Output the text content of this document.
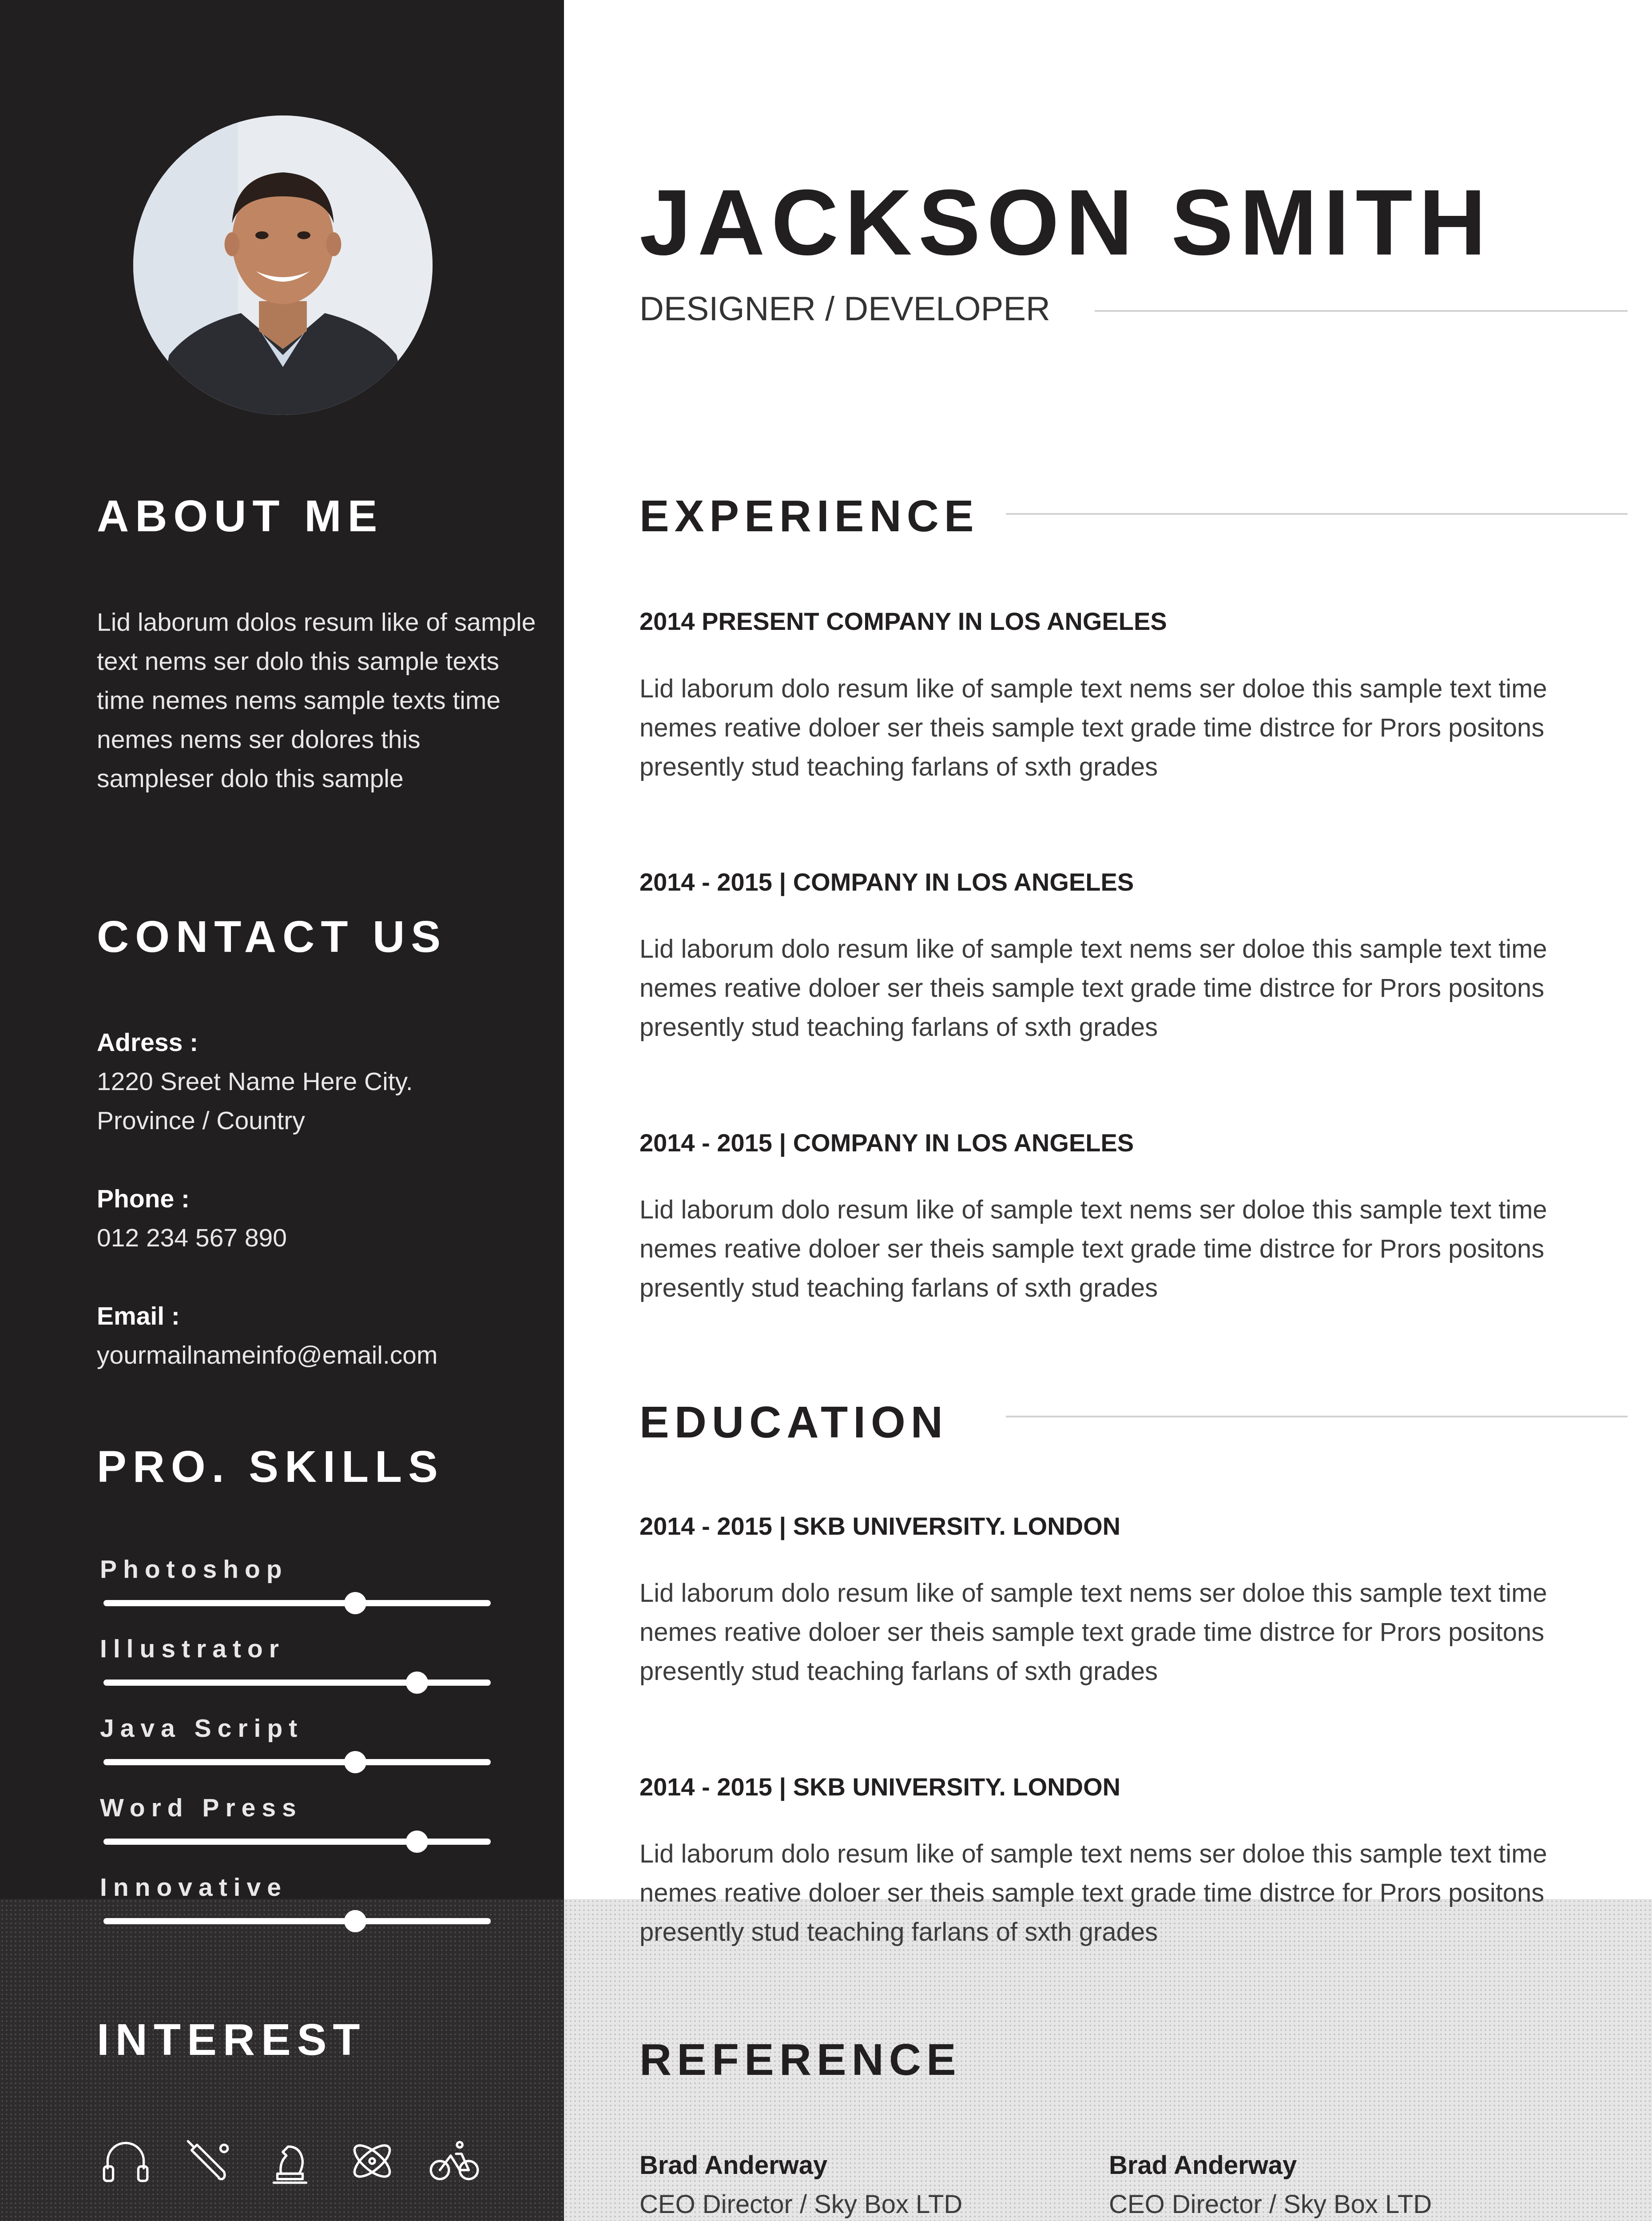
ABOUT ME
Lid laborum dolos resum like of sample text nems ser dolo this sample texts time nemes nems sample texts time nemes nems ser dolores this sampleser dolo this sample
CONTACT US
Adress :
1220 Sreet Name Here City.
Province / Country
Phone :
012 234 567 890
Email :
yourmailnameinfo@email.com
PRO. SKILLS
Photoshop
Illustrator
Java Script
Word Press
Innovative
INTEREST
JACKSON SMITH
DESIGNER / DEVELOPER
EXPERIENCE
2014 PRESENT COMPANY IN LOS ANGELES
Lid laborum dolo resum like of sample text nems ser doloe this sample text time nemes reative doloer ser theis sample text grade time distrce for Prors positons presently stud teaching farlans of sxth grades
2014 - 2015 | COMPANY IN LOS ANGELES
Lid laborum dolo resum like of sample text nems ser doloe this sample text time nemes reative doloer ser theis sample text grade time distrce for Prors positons presently stud teaching farlans of sxth grades
2014 - 2015 | COMPANY IN LOS ANGELES
Lid laborum dolo resum like of sample text nems ser doloe this sample text time nemes reative doloer ser theis sample text grade time distrce for Prors positons presently stud teaching farlans of sxth grades
EDUCATION
2014 - 2015 | SKB UNIVERSITY. LONDON
Lid laborum dolo resum like of sample text nems ser doloe this sample text time nemes reative doloer ser theis sample text grade time distrce for Prors positons presently stud teaching farlans of sxth grades
2014 - 2015 | SKB UNIVERSITY. LONDON
Lid laborum dolo resum like of sample text nems ser doloe this sample text time nemes reative doloer ser theis sample text grade time distrce for Prors positons presently stud teaching farlans of sxth grades
REFERENCE
Brad Anderway
CEO Director / Sky Box LTD
Brad Anderway
CEO Director / Sky Box LTD
